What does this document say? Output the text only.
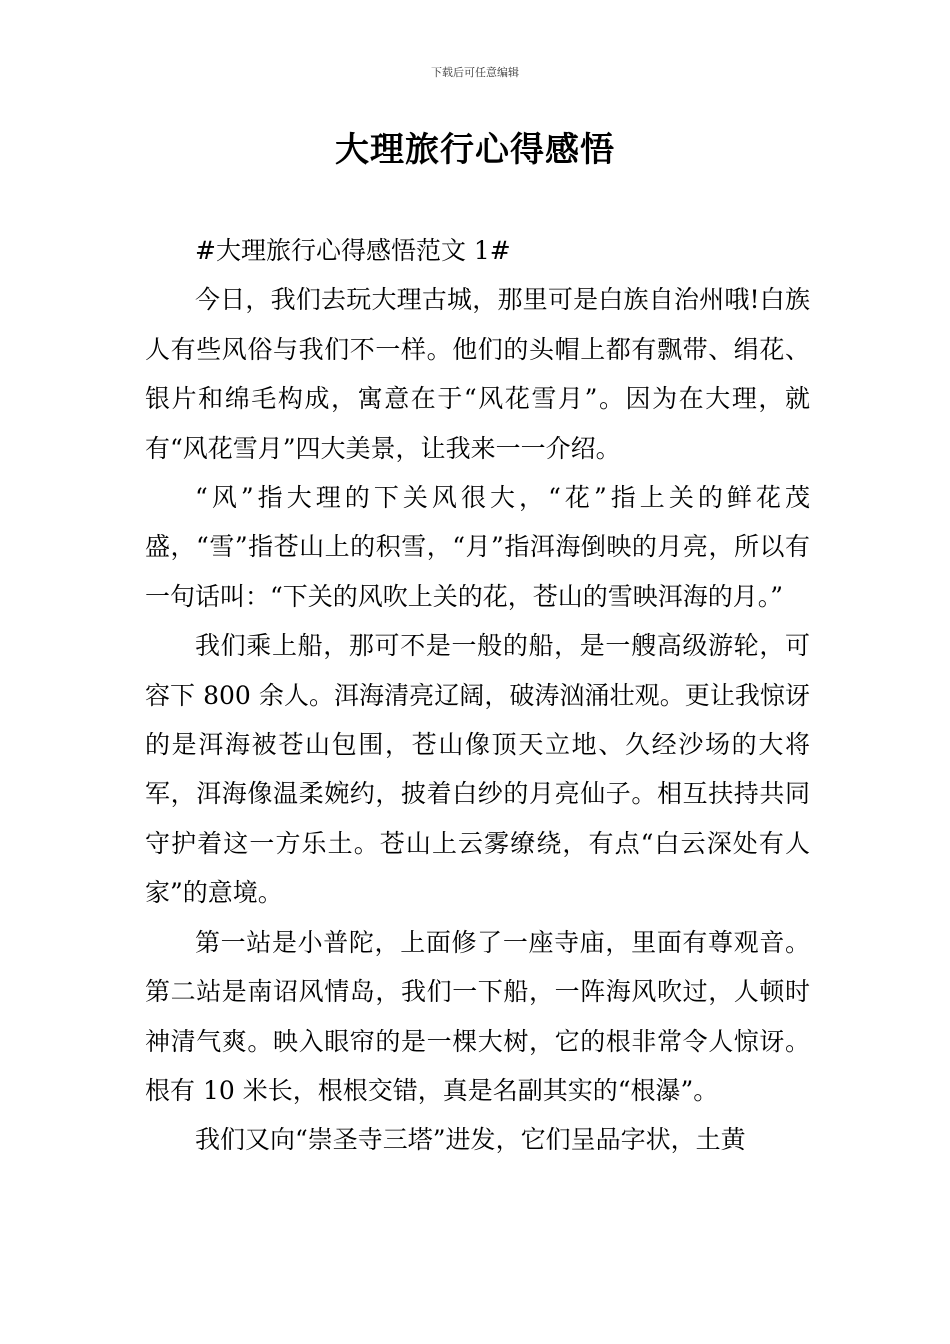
下载后可任意编辑
大理旅行心得感悟

#大理旅行心得感悟范文 1#

今日，我们去玩大理古城，那里可是白族自治州哦!白族人有些风俗与我们不一样。他们的头帽上都有飘带、绢花、银片和绵毛构成，寓意在于“风花雪月”。因为在大理，就有“风花雪月”四大美景，让我来一一介绍。

“风”指大理的下关风很大，“花”指上关的鲜花茂盛，“雪”指苍山上的积雪，“月”指洱海倒映的月亮，所以有一句话叫：“下关的风吹上关的花，苍山的雪映洱海的月。”

我们乘上船，那可不是一般的船，是一艘高级游轮，可容下 800 余人。洱海清亮辽阔，破涛汹涌壮观。更让我惊讶的是洱海被苍山包围，苍山像顶天立地、久经沙场的大将军，洱海像温柔婉约，披着白纱的月亮仙子。相互扶持共同守护着这一方乐土。苍山上云雾缭绕，有点“白云深处有人家”的意境。

第一站是小普陀，上面修了一座寺庙，里面有尊观音。第二站是南诏风情岛，我们一下船，一阵海风吹过，人顿时神清气爽。映入眼帘的是一棵大树，它的根非常令人惊讶。根有 10 米长，根根交错，真是名副其实的“根瀑”。

我们又向“崇圣寺三塔”进发，它们呈品字状，土黄
